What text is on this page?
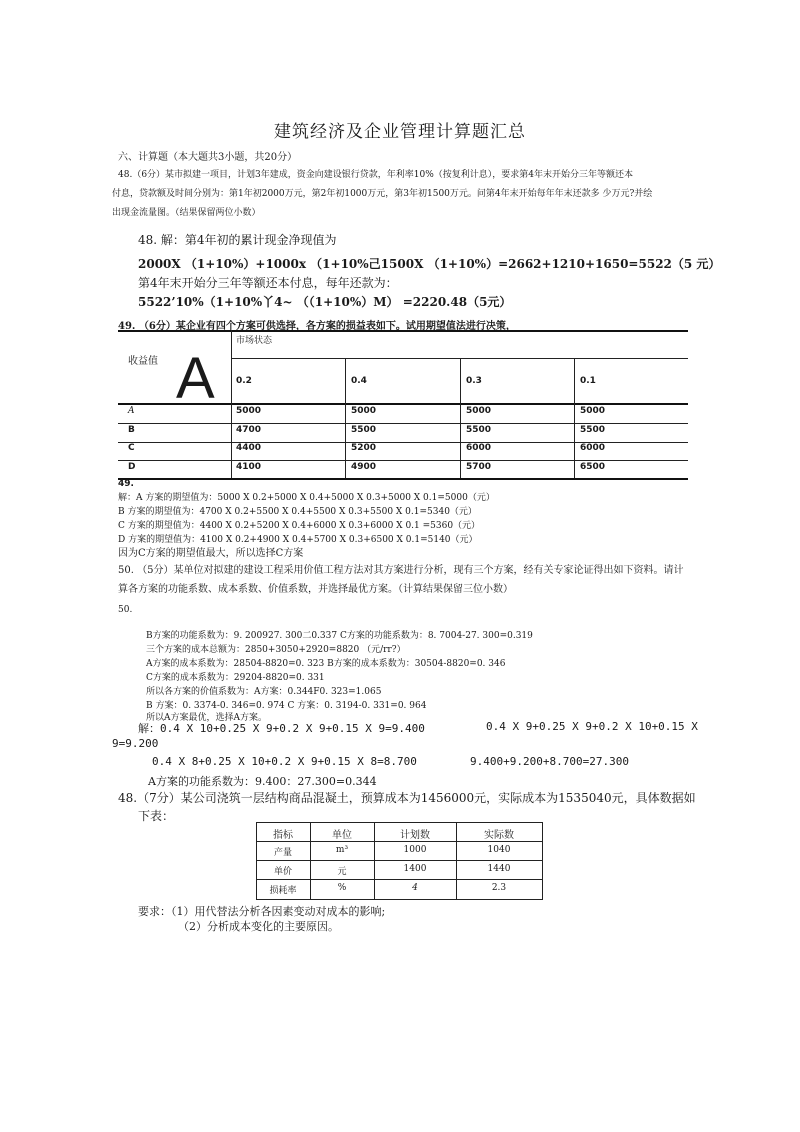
建筑经济及企业管理计算题汇总
六、计算题（本大题共3小题，共20分）
48.（6分）某市拟建一项目，计划3年建成，资金向建设银行贷款，年利率10%（按复利计息），要求第4年末开始分三年等额还本
付息，贷款额及时间分别为：第1年初2000万元，第2年初1000万元，第3年初1500万元。问第4年末开始每年年末还款多 少万元?并绘
出现金流量图。（结果保留两位小数）
48. 解：第4年初的累计现金净现值为
2000X （1+10%）+1000x （1+10%己1500X （1+10%）=2662+1210+1650=5522（5 元）
第4年末开始分三年等额还本付息，每年还款为：
5522’10%（1+10%丫4~ （（1+10%）M） =2220.48（5元）
49. （6分）某企业有四个方案可供选择，各方案的损益表如下。试用期望值法进行决策，
市场状态
收益值 A 0.2	0.4	0.3	0.1
A	5000	5000	5000	5000
B	4700	5500	5500	5500
C	4400	5200	6000	6000
D	4100	4900	5700	6500
49.
解：A 方案的期望值为：5000 X 0.2+5000 X 0.4+5000 X 0.3+5000 X 0.1=5000（元）
B 方案的期望值为：4700 X 0.2+5500 X 0.4+5500 X 0.3+5500 X 0.1=5340（元）
C 方案的期望值为：4400 X 0.2+5200 X 0.4+6000 X 0.3+6000 X 0.1 =5360（元）
D 方案的期望值为：4100 X 0.2+4900 X 0.4+5700 X 0.3+6500 X 0.1=5140（元）
因为C方案的期望值最大，所以选择C方案
50. （5分）某单位对拟建的建设工程采用价值工程方法对其方案进行分析，现有三个方案，经有关专家论证得出如下资料。请计
算各方案的功能系数、成本系数、价值系数，并选择最优方案。（计算结果保留三位小数）
50.
B方案的功能系数为：9. 200927. 300二0.337 C方案的功能系数为：8. 7004-27. 300=0.319
三个方案的成本总额为：2850+3050+2920=8820 （元/rr?）
A方案的成本系数为：28504-8820=0. 323 B方案的成本系数为：30504-8820=0. 346
C方案的成本系数为：29204-8820=0. 331
所以各方案的价值系数为：A方案：0.344F0. 323=1.065
B 方案：0. 3374-0. 346=0. 974 C 方案：0. 3194-0. 331=0. 964
所以A方案最优，选择A方案。
解：0.4 X 10+0.25 X 9+0.2 X 9+0.15 X 9=9.400	0.4 X 9+0.25 X 9+0.2 X 10+0.15 X
9=9.200
0.4 X 8+0.25 X 10+0.2 X 9+0.15 X 8=8.700	9.400+9.200+8.700=27.300
A方案的功能系数为：9.400：27.300=0.344
48.（7分）某公司浇筑一层结构商品混凝土，预算成本为1456000元，实际成本为1535040元，具体数据如
下表：
指标	单位	计划数	实际数
产量	m³	1000	1040
单价	元	1400	1440
损耗率	%	4	2.3
要求：（1）用代替法分析各因素变动对成本的影响;
（2）分析成本变化的主要原因。
